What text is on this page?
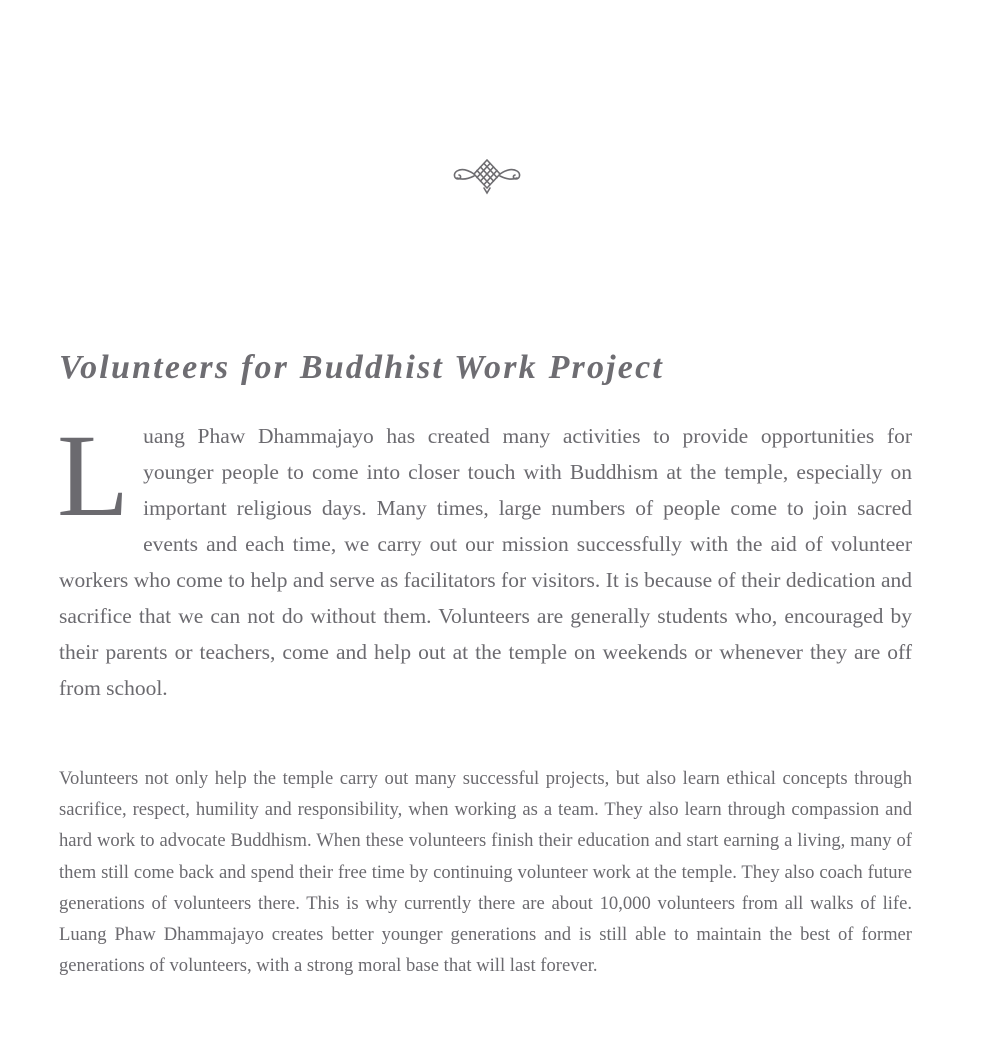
Volunteers for Buddhist Work Project

Luang Phaw Dhammajayo has created many activities to provide opportunities for younger people to come into closer touch with Buddhism at the temple, especially on important religious days. Many times, large numbers of people come to join sacred events and each time, we carry out our mission successfully with the aid of volunteer workers who come to help and serve as facilitators for visitors. It is because of their dedication and sacrifice that we can not do without them. Volunteers are generally students who, encouraged by their parents or teachers, come and help out at the temple on weekends or whenever they are off from school.

Volunteers not only help the temple carry out many successful projects, but also learn ethical concepts through sacrifice, respect, humility and responsibility, when working as a team. They also learn through compassion and hard work to advocate Buddhism. When these volunteers finish their education and start earning a living, many of them still come back and spend their free time by continuing volunteer work at the temple. They also coach future generations of volunteers there. This is why currently there are about 10,000 volunteers from all walks of life. Luang Phaw Dhammajayo creates better younger generations and is still able to maintain the best of former generations of volunteers, with a strong moral base that will last forever.
